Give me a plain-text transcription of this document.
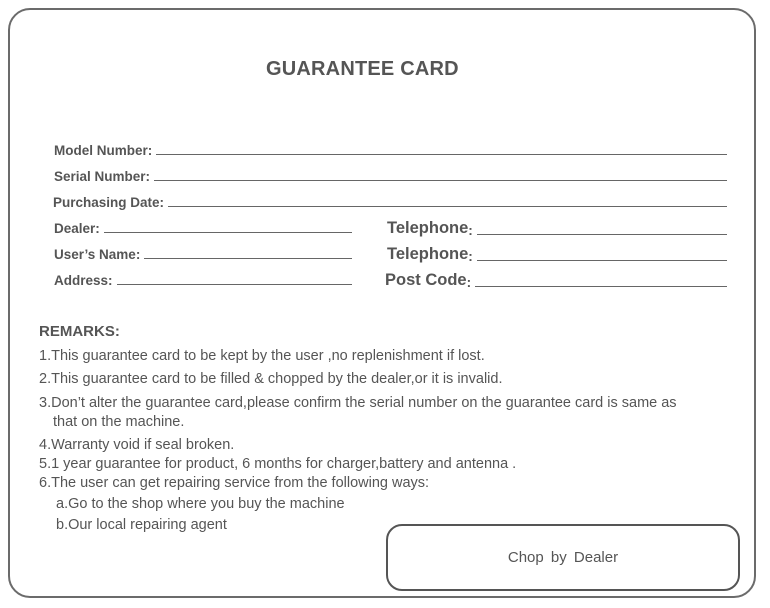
GUARANTEE CARD
Model Number :
Serial Number :
Purchasing Date :
Dealer :
User’s Name :
Address :
Telephone :
Telephone :
Post Code :
REMARKS:
1.This guarantee card to be kept by the user ,no replenishment if lost.
2.This guarantee card to be filled & chopped by the dealer,or it is invalid.
3.Don’t alter the guarantee card,please confirm the serial number on the guarantee card is same as
that on the machine.
4.Warranty void if seal broken.
5.1 year guarantee for product, 6 months for charger,battery and antenna .
6.The user can get repairing service from the following ways:
a.Go to the shop where you buy the machine
b.Our local repairing agent
Chop by Dealer
